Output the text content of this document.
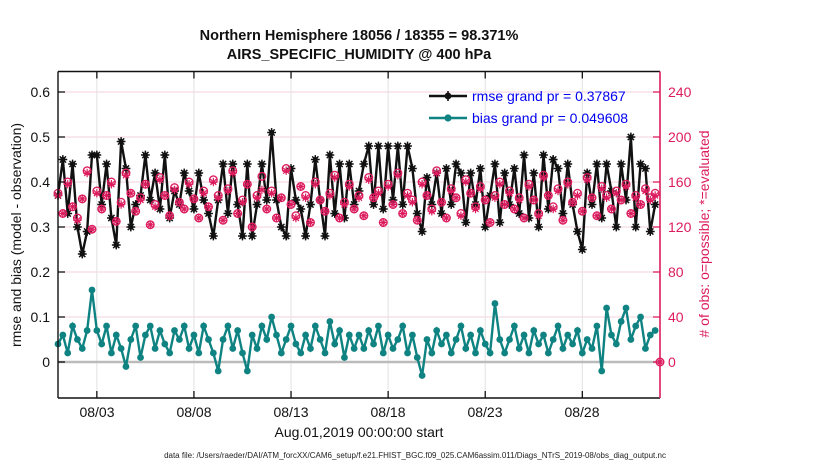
Northern Hemisphere 18056 / 18355 = 98.371%
AIRS_SPECIFIC_HUMIDITY @ 400 hPa
0
0.1
0.2
0.3
0.4
0.5
0.6
0
40
80
120
160
200
240
08/03	08/08	08/13	08/18	08/23	08/28
rmse and bias (model - observation)	# of obs: o=possible; *=evaluated
Aug.01,2019 00:00:00 start
rmse grand pr = 0.37867
bias grand pr = 0.049608
data file: /Users/raeder/DAI/ATM_forcXX/CAM6_setup/f.e21.FHIST_BGC.f09_025.CAM6assim.011/Diags_NTrS_2019-08/obs_diag_output.nc
